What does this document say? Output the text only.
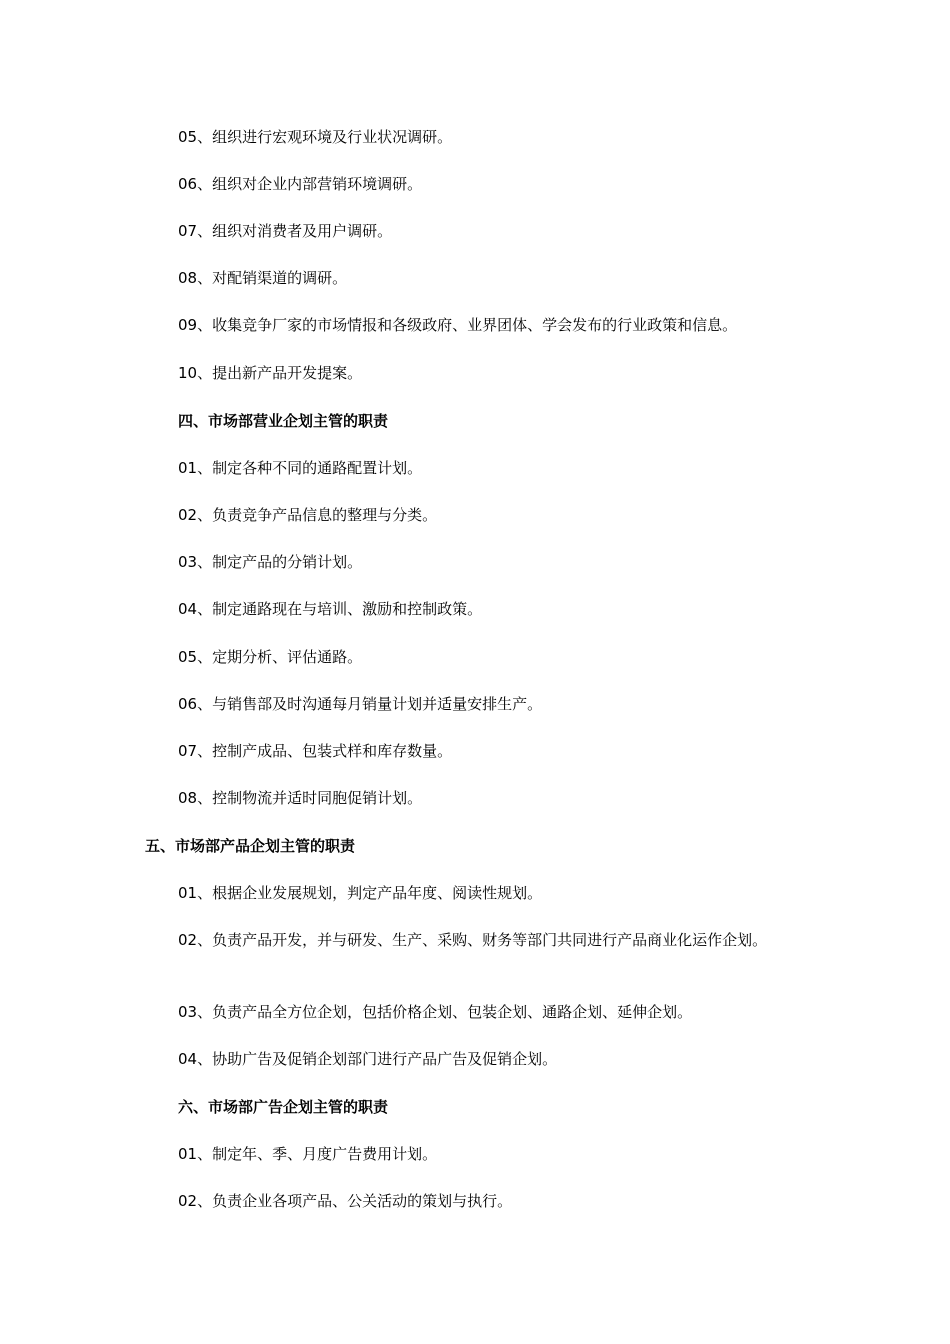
05、组织进行宏观环境及行业状况调研。
06、组织对企业内部营销环境调研。
07、组织对消费者及用户调研。
08、对配销渠道的调研。
09、收集竞争厂家的市场情报和各级政府、业界团体、学会发布的行业政策和信息。
10、提出新产品开发提案。
四、市场部营业企划主管的职责
01、制定各种不同的通路配置计划。
02、负责竞争产品信息的整理与分类。
03、制定产品的分销计划。
04、制定通路现在与培训、激励和控制政策。
05、定期分析、评估通路。
06、与销售部及时沟通每月销量计划并适量安排生产。
07、控制产成品、包装式样和库存数量。
08、控制物流并适时同胞促销计划。
五、市场部产品企划主管的职责
01、根据企业发展规划，判定产品年度、阅读性规划。
02、负责产品开发，并与研发、生产、采购、财务等部门共同进行产品商业化运作企划。
03、负责产品全方位企划，包括价格企划、包装企划、通路企划、延伸企划。
04、协助广告及促销企划部门进行产品广告及促销企划。
六、市场部广告企划主管的职责
01、制定年、季、月度广告费用计划。
02、负责企业各项产品、公关活动的策划与执行。
